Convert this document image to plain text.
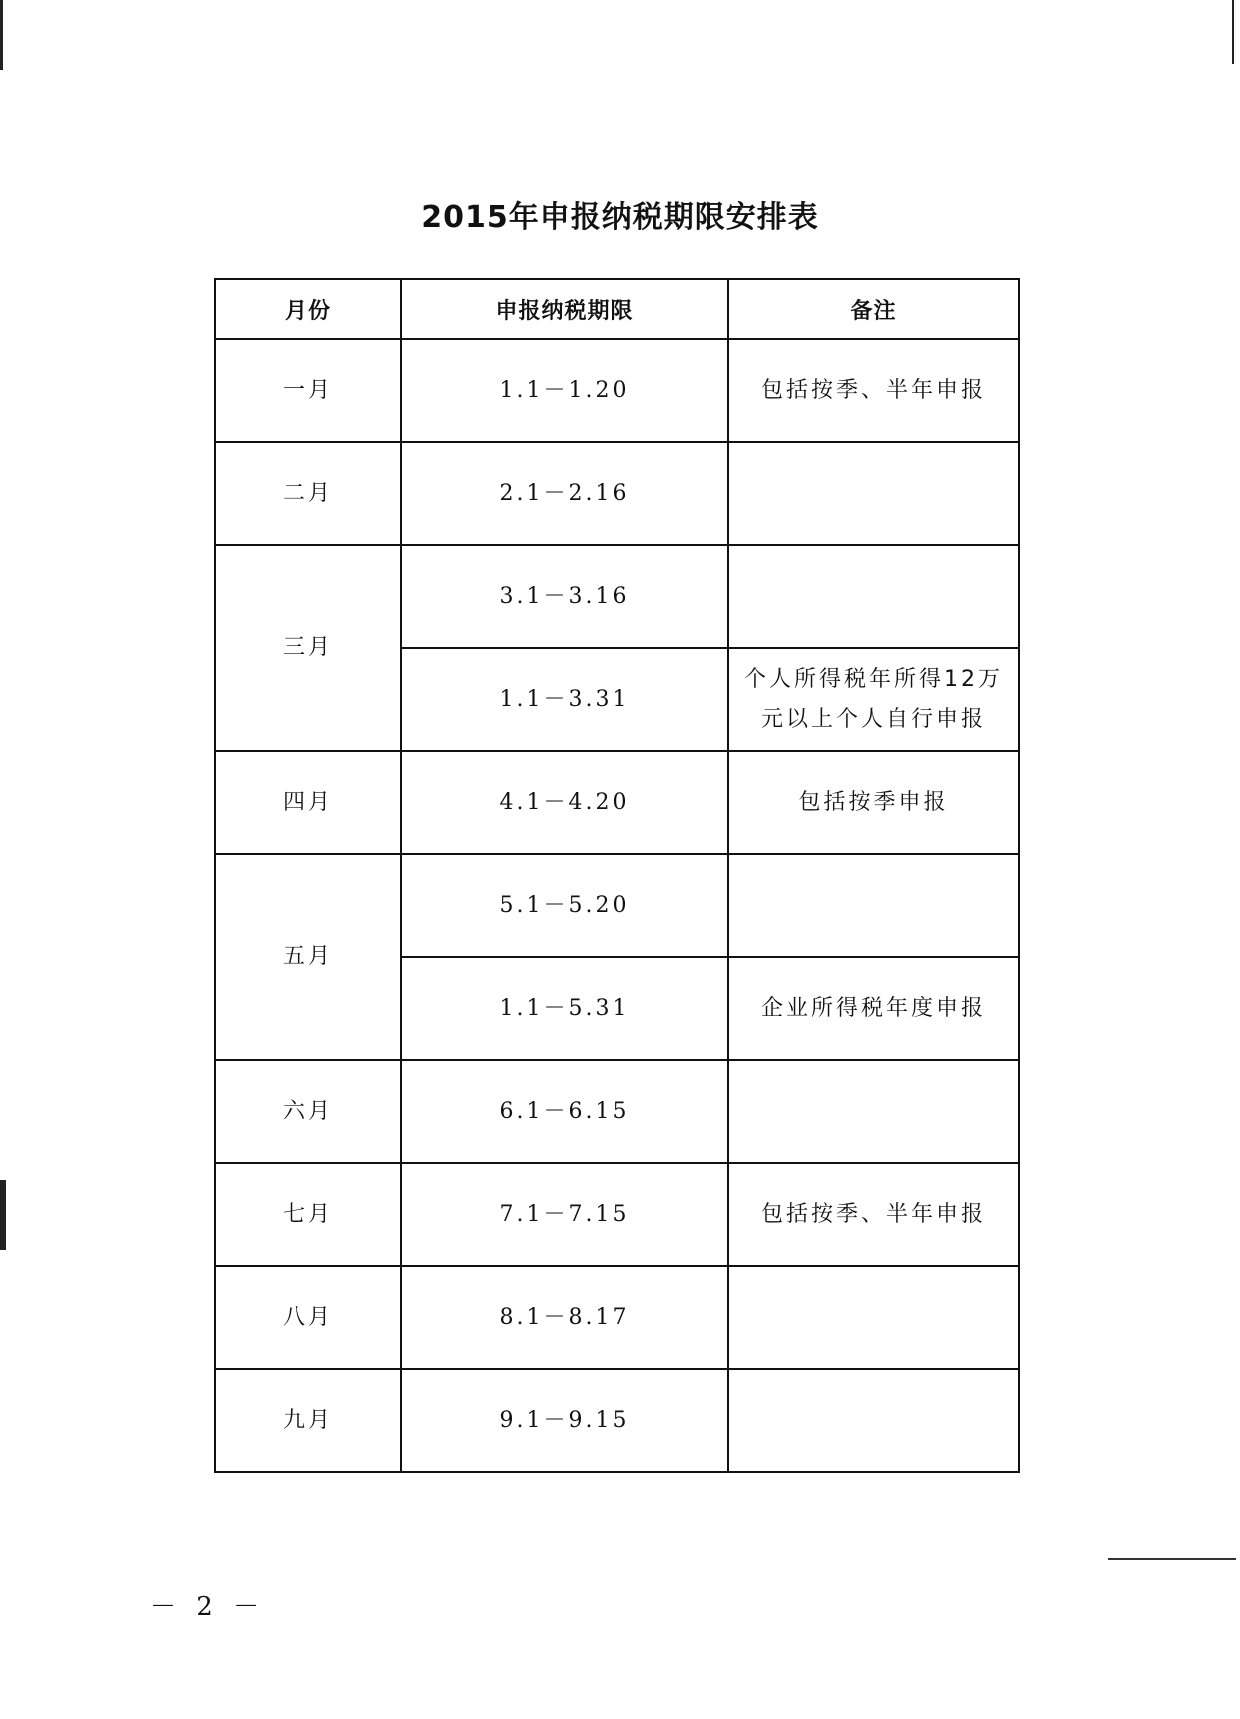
2015年申报纳税期限安排表
月份	申报纳税期限	备注
一月	1.1－1.20	包括按季、半年申报
二月	2.1－2.16	
三月	3.1－3.16	
	1.1－3.31	个人所得税年所得12万元以上个人自行申报
四月	4.1－4.20	包括按季申报
五月	5.1－5.20	
	1.1－5.31	企业所得税年度申报
六月	6.1－6.15	
七月	7.1－7.15	包括按季、半年申报
八月	8.1－8.17	
九月	9.1－9.15	
－ 2 －
